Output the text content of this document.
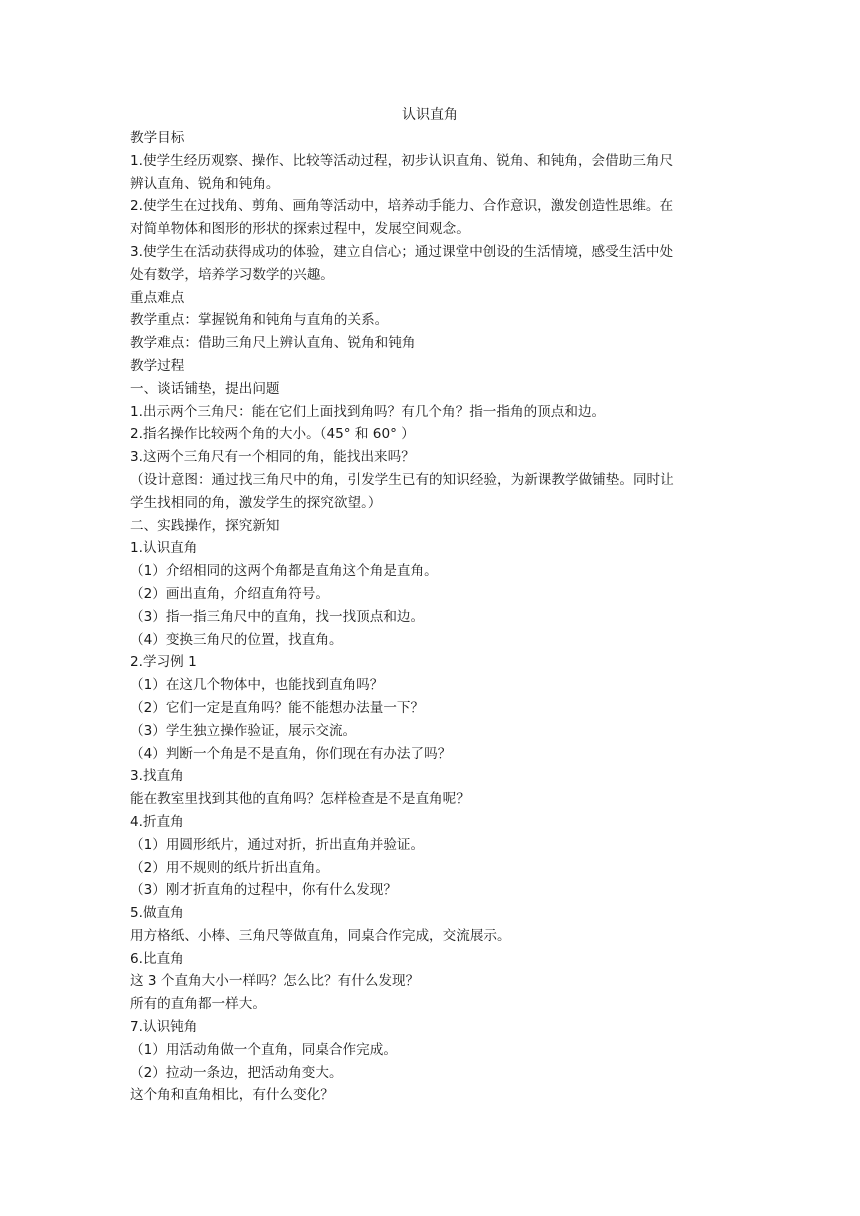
认识直角
教学目标
1.使学生经历观察、操作、比较等活动过程，初步认识直角、锐角、和钝角，会借助三角尺
辨认直角、锐角和钝角。
2.使学生在过找角、剪角、画角等活动中，培养动手能力、合作意识，激发创造性思维。在
对简单物体和图形的形状的探索过程中，发展空间观念。
3.使学生在活动获得成功的体验，建立自信心；通过课堂中创设的生活情境，感受生活中处
处有数学，培养学习数学的兴趣。
重点难点
教学重点：掌握锐角和钝角与直角的关系。
教学难点：借助三角尺上辨认直角、锐角和钝角
教学过程
一、谈话铺垫，提出问题
1.出示两个三角尺：能在它们上面找到角吗？有几个角？指一指角的顶点和边。
2.指名操作比较两个角的大小。（45° 和 60° ）
3.这两个三角尺有一个相同的角，能找出来吗？
（设计意图：通过找三角尺中的角，引发学生已有的知识经验，为新课教学做铺垫。同时让
学生找相同的角，激发学生的探究欲望。）
二、实践操作，探究新知
1.认识直角
（1）介绍相同的这两个角都是直角这个角是直角。
（2）画出直角，介绍直角符号。
（3）指一指三角尺中的直角，找一找顶点和边。
（4）变换三角尺的位置，找直角。
2.学习例 1
（1）在这几个物体中，也能找到直角吗？
（2）它们一定是直角吗？能不能想办法量一下？
（3）学生独立操作验证，展示交流。
（4）判断一个角是不是直角，你们现在有办法了吗？
3.找直角
能在教室里找到其他的直角吗？怎样检查是不是直角呢？
4.折直角
（1）用圆形纸片，通过对折，折出直角并验证。
（2）用不规则的纸片折出直角。
（3）刚才折直角的过程中，你有什么发现？
5.做直角
用方格纸、小棒、三角尺等做直角，同桌合作完成，交流展示。
6.比直角
这 3 个直角大小一样吗？怎么比？有什么发现？
所有的直角都一样大。
7.认识钝角
（1）用活动角做一个直角，同桌合作完成。
（2）拉动一条边，把活动角变大。
这个角和直角相比，有什么变化？
